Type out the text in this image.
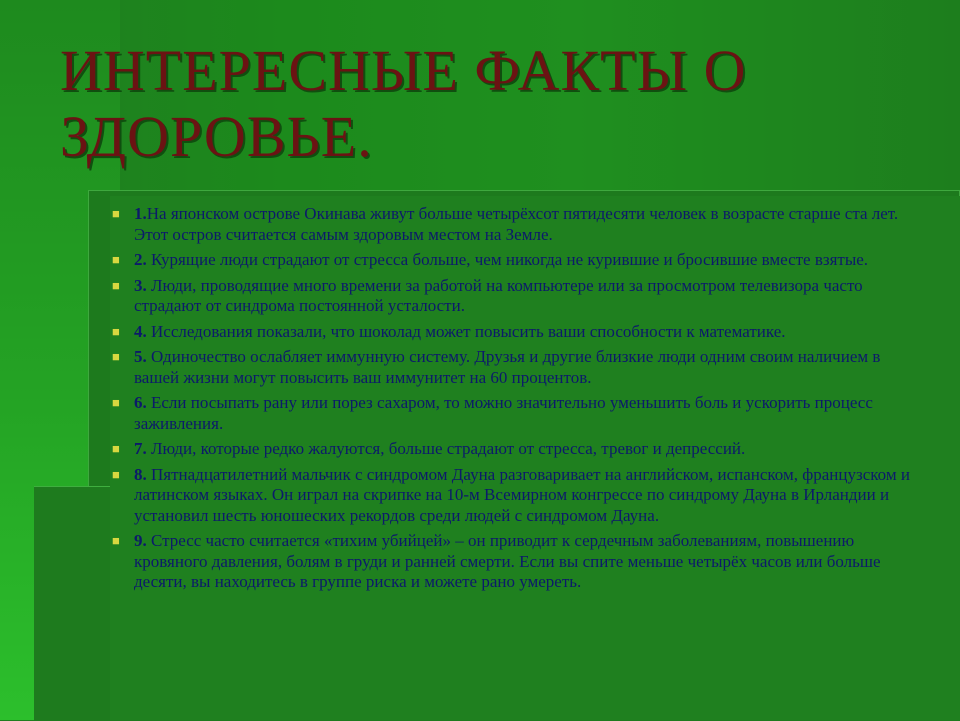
ИНТЕРЕСНЫЕ ФАКТЫ О ЗДОРОВЬЕ.
■ 1.На японском острове Окинава живут больше четырёхсот пятидесяти человек в возрасте старше ста лет. Этот остров считается самым здоровым местом на Земле.
■ 2. Курящие люди страдают от стресса больше, чем никогда не курившие и бросившие вместе взятые.
■ 3. Люди, проводящие много времени за работой на компьютере или за просмотром телевизора часто страдают от синдрома постоянной усталости.
■ 4. Исследования показали, что шоколад может повысить ваши способности к математике.
■ 5. Одиночество ослабляет иммунную систему. Друзья и другие близкие люди одним своим наличием в вашей жизни могут повысить ваш иммунитет на 60 процентов.
■ 6. Если посыпать рану или порез сахаром, то можно значительно уменьшить боль и ускорить процесс заживления.
■ 7. Люди, которые редко жалуются, больше страдают от стресса, тревог и депрессий.
■ 8. Пятнадцатилетний мальчик с синдромом Дауна разговаривает на английском, испанском, французском и латинском языках. Он играл на скрипке на 10-м Всемирном конгрессе по синдрому Дауна в Ирландии и установил шесть юношеских рекордов среди людей с синдромом Дауна.
■ 9. Стресс часто считается «тихим убийцей» – он приводит к сердечным заболеваниям, повышению кровяного давления, болям в груди и ранней смерти. Если вы спите меньше четырёх часов или больше десяти, вы находитесь в группе риска и можете рано умереть.
